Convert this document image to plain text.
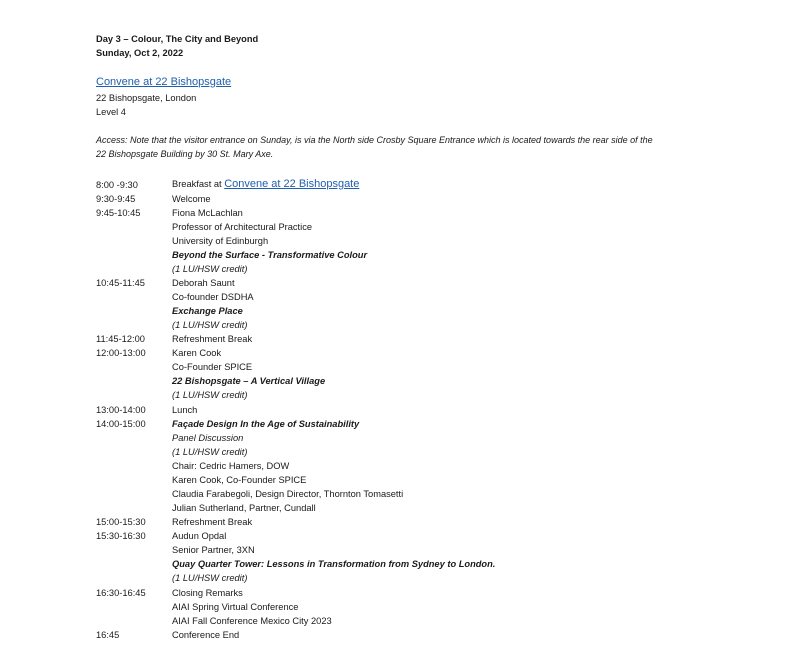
Day 3 – Colour, The City and Beyond

Sunday, Oct 2, 2022

Convene at 22 Bishopsgate

22 Bishopsgate, London

Level 4

Access: Note that the visitor entrance on Sunday, is via the North side Crosby Square Entrance which is located towards the rear side of the

22 Bishopsgate Building by 30 St. Mary Axe.

8:00 -9:30

9:30-9:45

9:45-10:45

10:45-11:45

11:45-12:00

12:00-13:00

13:00-14:00

14:00-15:00

15:00-15:30

15:30-16:30

16:30-16:45

16:45

Breakfast at Convene at 22 Bishopsgate

Welcome

Fiona McLachlan

Professor of Architectural Practice

University of Edinburgh

Beyond the Surface - Transformative Colour

(1 LU/HSW credit)

Deborah Saunt

Co-founder DSDHA

Exchange Place

(1 LU/HSW credit)

Refreshment Break

Karen Cook

Co-Founder SPICE

22 Bishopsgate – A Vertical Village

(1 LU/HSW credit)

Lunch

Façade Design In the Age of Sustainability

Panel Discussion

(1 LU/HSW credit)

Chair: Cedric Hamers, DOW

Karen Cook, Co-Founder SPICE

Claudia Farabegoli, Design Director, Thornton Tomasetti

Julian Sutherland, Partner, Cundall

Refreshment Break

Audun Opdal

Senior Partner, 3XN

Quay Quarter Tower: Lessons in Transformation from Sydney to London.

(1 LU/HSW credit)

Closing Remarks

AIAI Spring Virtual Conference

AIAI Fall Conference Mexico City 2023

Conference End
